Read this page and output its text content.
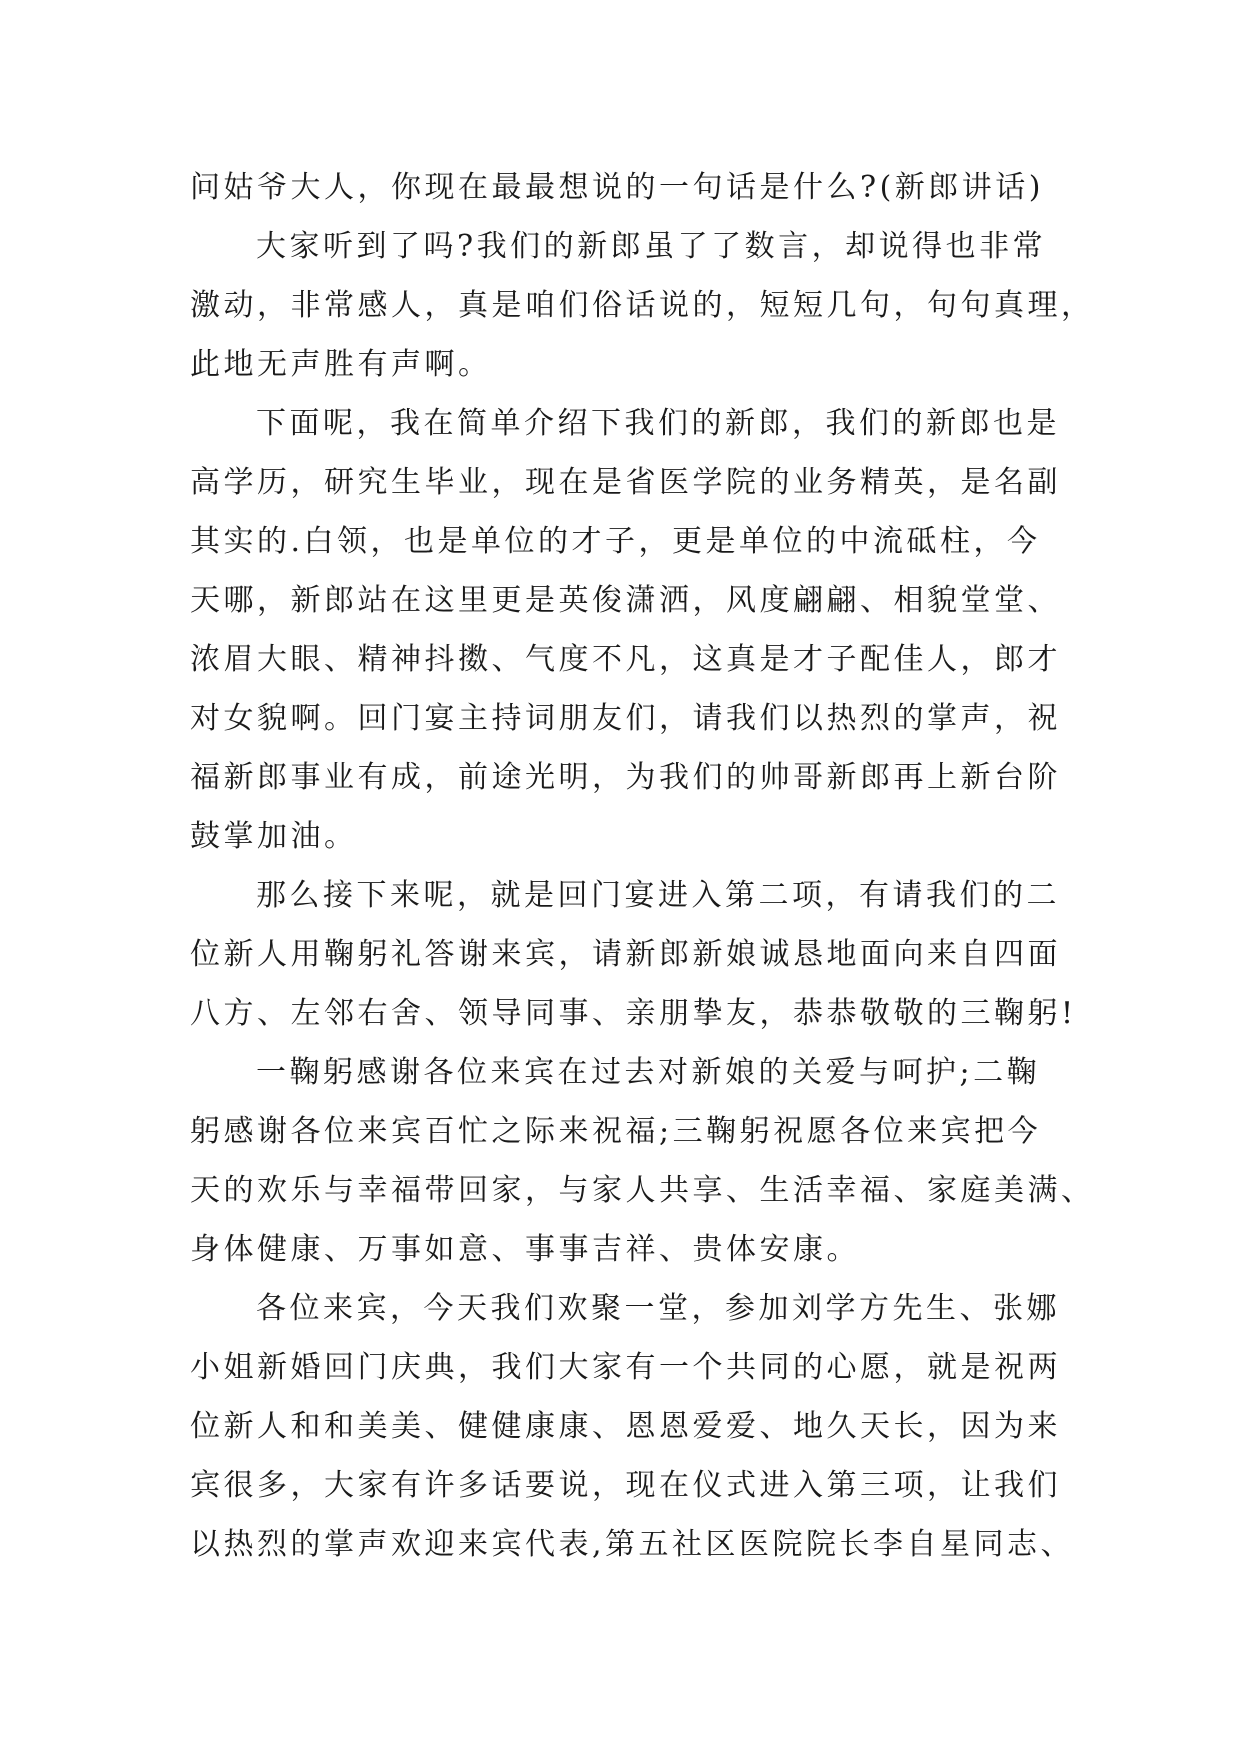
问姑爷大人，你现在最最想说的一句话是什么?(新郎讲话)
大家听到了吗?我们的新郎虽了了数言，却说得也非常
激动，非常感人，真是咱们俗话说的，短短几句，句句真理，
此地无声胜有声啊。
下面呢，我在简单介绍下我们的新郎，我们的新郎也是
高学历，研究生毕业，现在是省医学院的业务精英，是名副
其实的.白领，也是单位的才子，更是单位的中流砥柱，今
天哪，新郎站在这里更是英俊潇洒，风度翩翩、相貌堂堂、
浓眉大眼、精神抖擞、气度不凡，这真是才子配佳人，郎才
对女貌啊。回门宴主持词朋友们，请我们以热烈的掌声，祝
福新郎事业有成，前途光明，为我们的帅哥新郎再上新台阶
鼓掌加油。
那么接下来呢，就是回门宴进入第二项，有请我们的二
位新人用鞠躬礼答谢来宾，请新郎新娘诚恳地面向来自四面
八方、左邻右舍、领导同事、亲朋挚友，恭恭敬敬的三鞠躬!
一鞠躬感谢各位来宾在过去对新娘的关爱与呵护;二鞠
躬感谢各位来宾百忙之际来祝福;三鞠躬祝愿各位来宾把今
天的欢乐与幸福带回家，与家人共享、生活幸福、家庭美满、
身体健康、万事如意、事事吉祥、贵体安康。
各位来宾，今天我们欢聚一堂，参加刘学方先生、张娜
小姐新婚回门庆典，我们大家有一个共同的心愿，就是祝两
位新人和和美美、健健康康、恩恩爱爱、地久天长，因为来
宾很多，大家有许多话要说，现在仪式进入第三项，让我们
以热烈的掌声欢迎来宾代表,第五社区医院院长李自星同志、
